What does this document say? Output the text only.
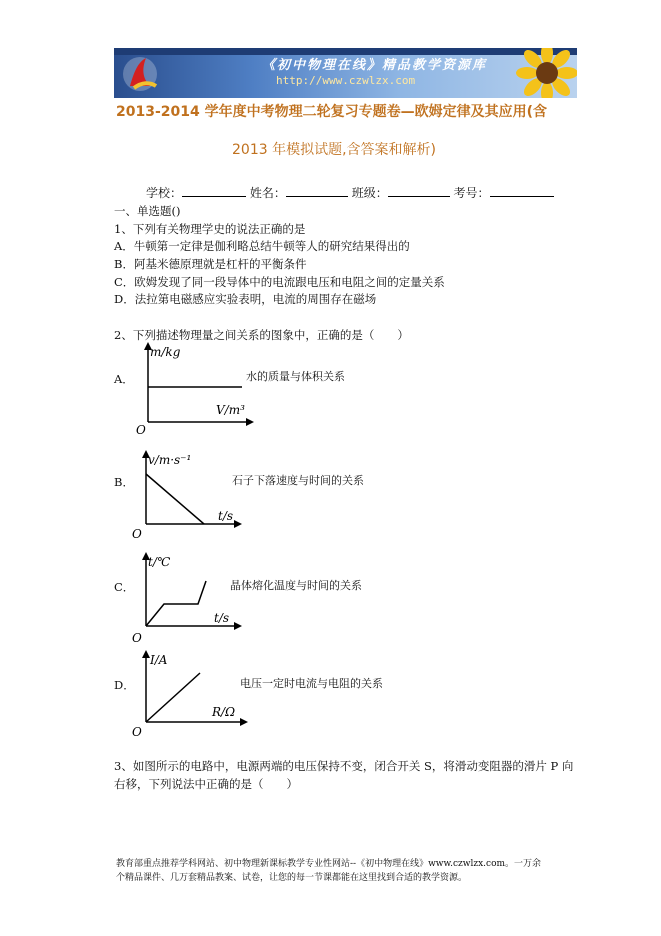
《初中物理在线》精品教学资源库
http://www.czwlzx.com
2013-2014 学年度中考物理二轮复习专题卷—欧姆定律及其应用(含
2013 年模拟试题,含答案和解析)
学校：	姓名：	班级：	考号：
一、单选题()
1、下列有关物理学史的说法正确的是
A．牛顿第一定律是伽利略总结牛顿等人的研究结果得出的
B．阿基米德原理就是杠杆的平衡条件
C．欧姆发现了同一段导体中的电流跟电压和电阻之间的定量关系
D．法拉第电磁感应实验表明，电流的周围存在磁场
2、下列描述物理量之间关系的图象中，正确的是（　　）
A．
m/kg
V/m³
O
水的质量与体积关系
B．
v/m·s⁻¹
t/s
O
石子下落速度与时间的关系
C．
t/℃
t/s
O
晶体熔化温度与时间的关系
D．
I/A
R/Ω
O
电压一定时电流与电阻的关系
3、如图所示的电路中，电源两端的电压保持不变，闭合开关 S，将滑动变阻器的滑片 P 向
右移，下列说法中正确的是（　　）
教育部重点推荐学科网站、初中物理新课标教学专业性网站--《初中物理在线》www.czwlzx.com。一万余
个精品课件、几万套精品教案、试卷，让您的每一节课都能在这里找到合适的教学资源。
